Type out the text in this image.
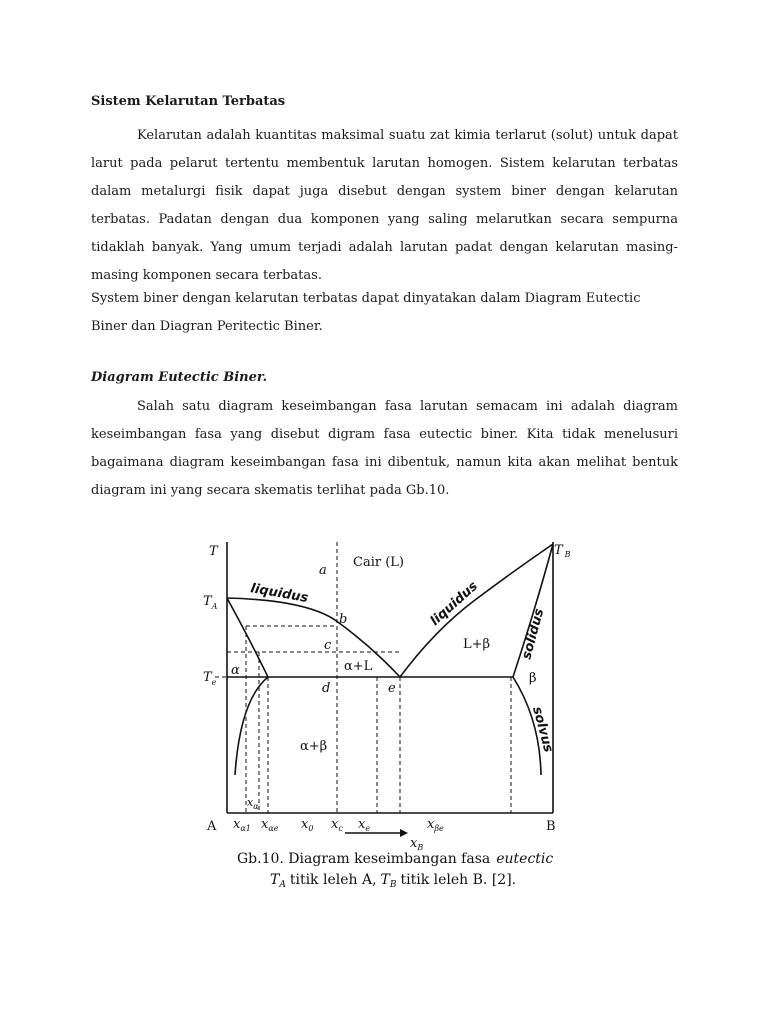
Sistem Kelarutan Terbatas
Kelarutan adalah kuantitas maksimal suatu zat kimia terlarut (solut) untuk dapat larut pada pelarut tertentu membentuk larutan homogen. Sistem kelarutan terbatas dalam metalurgi fisik dapat juga disebut dengan system biner dengan kelarutan terbatas. Padatan dengan dua komponen yang saling melarutkan secara sempurna tidaklah banyak. Yang umum terjadi adalah larutan padat dengan kelarutan masing-masing komponen secara terbatas.
System biner dengan kelarutan terbatas dapat dinyatakan dalam Diagram Eutectic Biner dan Diagran Peritectic Biner.
Diagram Eutectic Biner.
Salah satu diagram keseimbangan fasa larutan semacam ini adalah diagram keseimbangan fasa yang disebut digram fasa eutectic biner. Kita tidak menelusuri bagaimana diagram keseimbangan fasa ini dibentuk, namun kita akan melihat bentuk diagram ini yang secara skematis terlihat pada Gb.10.
T
$T_A$
$T_e$
T $_B$
liquidus	liquidus
solidus
solvus
Cair (L)
L+β
α+L
α+β
α
β
a
b
c
d	e
$x_\alpha$
A	B
$x_{\alpha 1}$ $x_{\alpha e}$ $x_0$ $x_c$ $x_e$	$x_{\beta e}$
$x_B$
Gb.10. Diagram keseimbangan fasa eutectic
$T_A$ titik leleh A, $T_B$ titik leleh B. [2].
